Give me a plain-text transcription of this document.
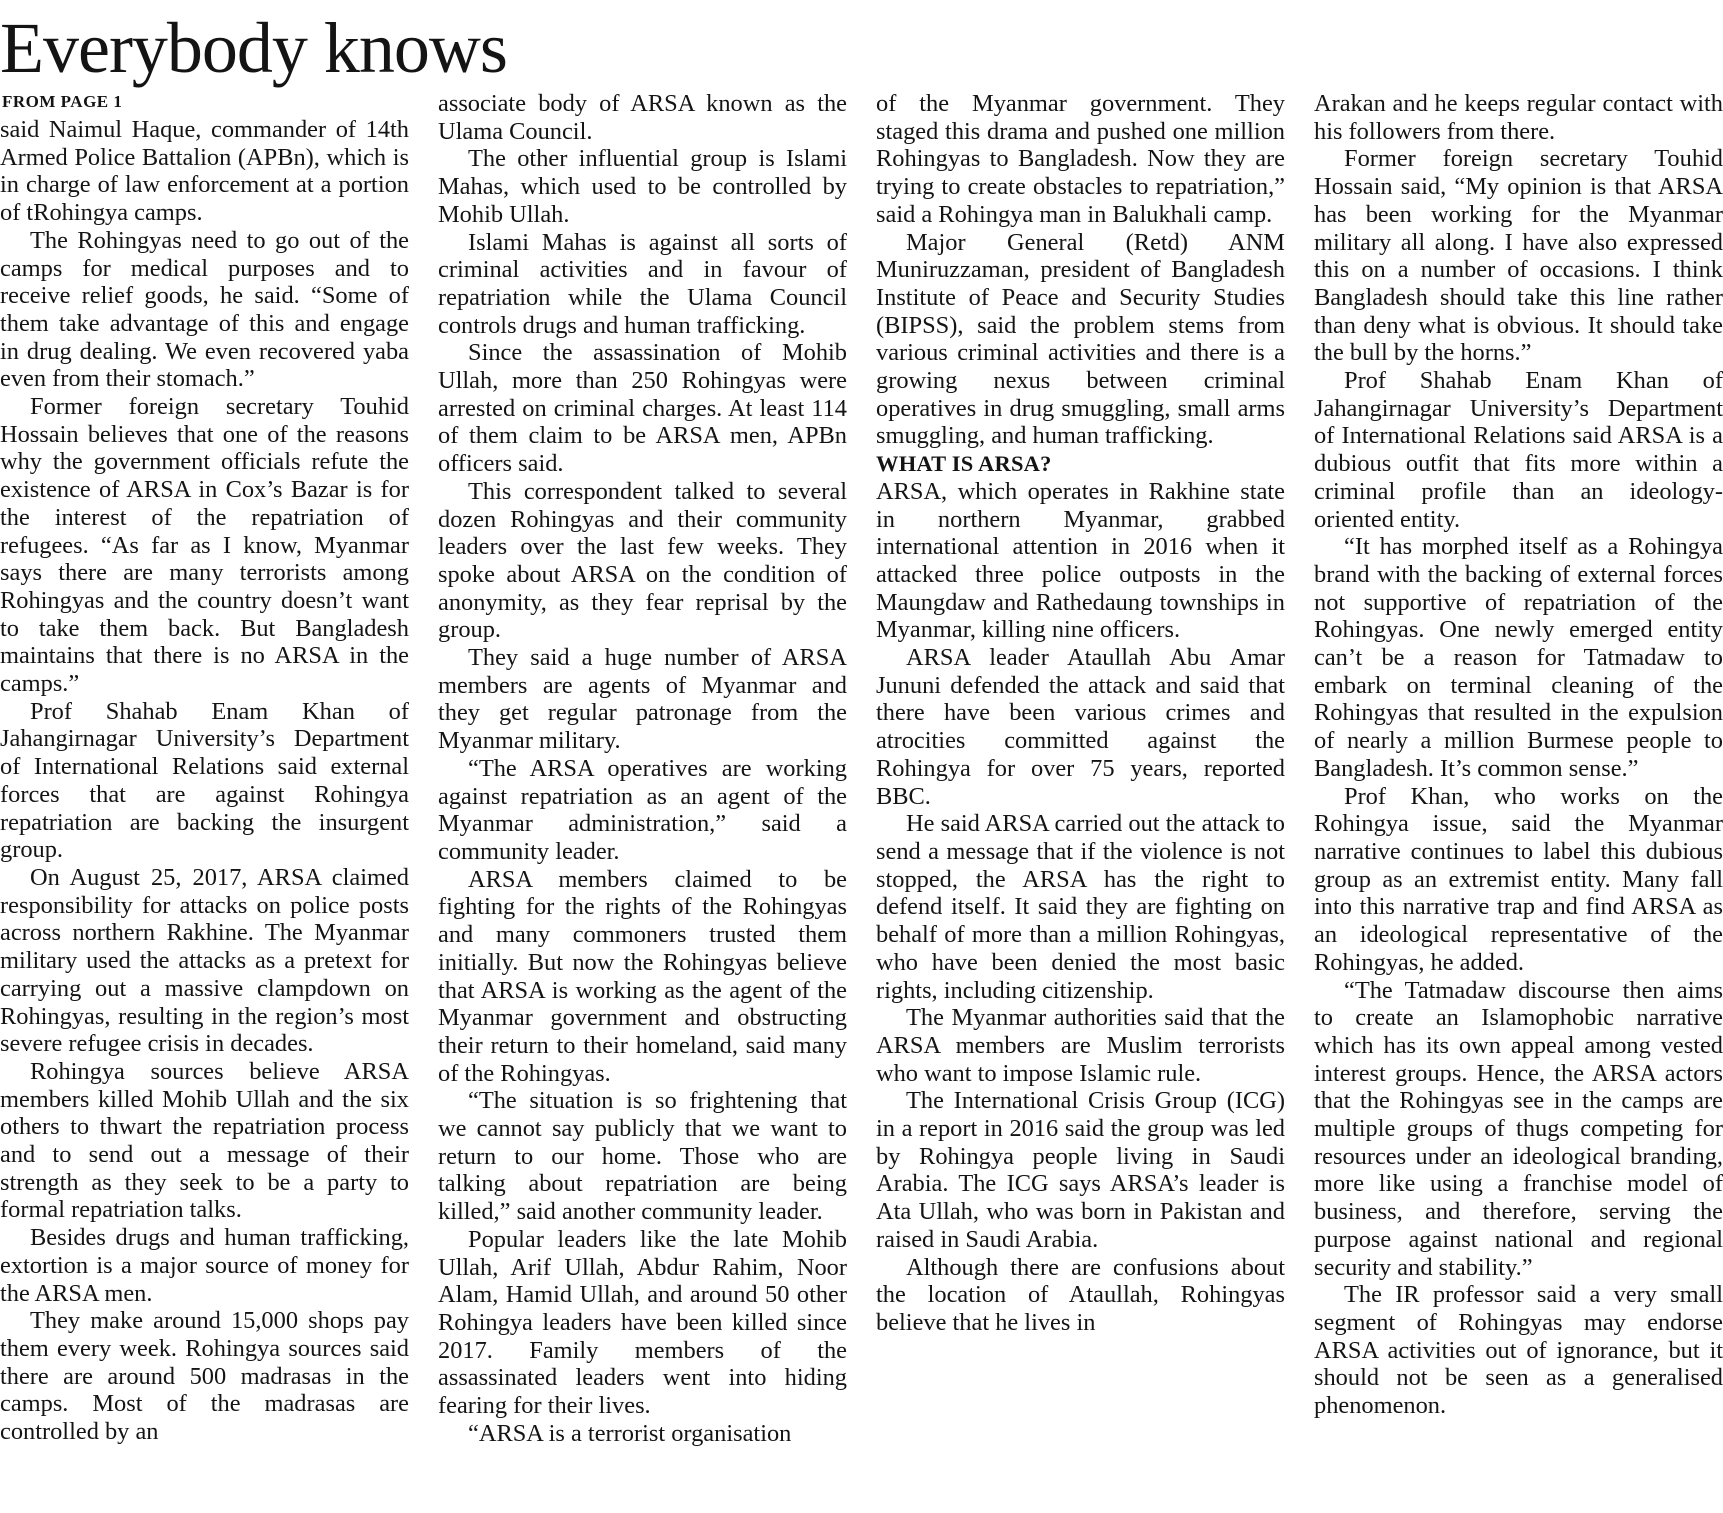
Everybody knows
FROM PAGE 1

said Naimul Haque, commander of 14th Armed Police Battalion (APBn), which is in charge of law enforcement at a portion of tRohingya camps.

The Rohingyas need to go out of the camps for medical purposes and to receive relief goods, he said. “Some of them take advantage of this and engage in drug dealing. We even recovered yaba even from their stomach.”

Former foreign secretary Touhid Hossain believes that one of the reasons why the government officials refute the existence of ARSA in Cox’s Bazar is for the interest of the repatriation of refugees. “As far as I know, Myanmar says there are many terrorists among Rohingyas and the country doesn’t want to take them back. But Bangladesh maintains that there is no ARSA in the camps.”

Prof Shahab Enam Khan of Jahangirnagar University’s Department of International Relations said external forces that are against Rohingya repatriation are backing the insurgent group.

On August 25, 2017, ARSA claimed responsibility for attacks on police posts across northern Rakhine. The Myanmar military used the attacks as a pretext for carrying out a massive clampdown on Rohingyas, resulting in the region’s most severe refugee crisis in decades.

Rohingya sources believe ARSA members killed Mohib Ullah and the six others to thwart the repatriation process and to send out a message of their strength as they seek to be a party to formal repatriation talks.

Besides drugs and human trafficking, extortion is a major source of money for the ARSA men.

They make around 15,000 shops pay them every week. Rohingya sources said there are around 500 madrasas in the camps. Most of the madrasas are controlled by an

associate body of ARSA known as the Ulama Council.

The other influential group is Islami Mahas, which used to be controlled by Mohib Ullah.

Islami Mahas is against all sorts of criminal activities and in favour of repatriation while the Ulama Council controls drugs and human trafficking.

Since the assassination of Mohib Ullah, more than 250 Rohingyas were arrested on criminal charges. At least 114 of them claim to be ARSA men, APBn officers said.

This correspondent talked to several dozen Rohingyas and their community leaders over the last few weeks. They spoke about ARSA on the condition of anonymity, as they fear reprisal by the group.

They said a huge number of ARSA members are agents of Myanmar and they get regular patronage from the Myanmar military.

“The ARSA operatives are working against repatriation as an agent of the Myanmar administration,” said a community leader.

ARSA members claimed to be fighting for the rights of the Rohingyas and many commoners trusted them initially. But now the Rohingyas believe that ARSA is working as the agent of the Myanmar government and obstructing their return to their homeland, said many of the Rohingyas.

“The situation is so frightening that we cannot say publicly that we want to return to our home. Those who are talking about repatriation are being killed,” said another community leader.

Popular leaders like the late Mohib Ullah, Arif Ullah, Abdur Rahim, Noor Alam, Hamid Ullah, and around 50 other Rohingya leaders have been killed since 2017. Family members of the assassinated leaders went into hiding fearing for their lives.

“ARSA is a terrorist organisation

of the Myanmar government. They staged this drama and pushed one million Rohingyas to Bangladesh. Now they are trying to create obstacles to repatriation,” said a Rohingya man in Balukhali camp.

Major General (Retd) ANM Muniruzzaman, president of Bangladesh Institute of Peace and Security Studies (BIPSS), said the problem stems from various criminal activities and there is a growing nexus between criminal operatives in drug smuggling, small arms smuggling, and human trafficking.

WHAT IS ARSA?

ARSA, which operates in Rakhine state in northern Myanmar, grabbed international attention in 2016 when it attacked three police outposts in the Maungdaw and Rathedaung townships in Myanmar, killing nine officers.

ARSA leader Ataullah Abu Amar Jununi defended the attack and said that there have been various crimes and atrocities committed against the Rohingya for over 75 years, reported BBC.

He said ARSA carried out the attack to send a message that if the violence is not stopped, the ARSA has the right to defend itself. It said they are fighting on behalf of more than a million Rohingyas, who have been denied the most basic rights, including citizenship.

The Myanmar authorities said that the ARSA members are Muslim terrorists who want to impose Islamic rule.

The International Crisis Group (ICG) in a report in 2016 said the group was led by Rohingya people living in Saudi Arabia. The ICG says ARSA’s leader is Ata Ullah, who was born in Pakistan and raised in Saudi Arabia.

Although there are confusions about the location of Ataullah, Rohingyas believe that he lives in

Arakan and he keeps regular contact with his followers from there.

Former foreign secretary Touhid Hossain said, “My opinion is that ARSA has been working for the Myanmar military all along. I have also expressed this on a number of occasions. I think Bangladesh should take this line rather than deny what is obvious. It should take the bull by the horns.”

Prof Shahab Enam Khan of Jahangirnagar University’s Department of International Relations said ARSA is a dubious outfit that fits more within a criminal profile than an ideology-oriented entity.

“It has morphed itself as a Rohingya brand with the backing of external forces not supportive of repatriation of the Rohingyas. One newly emerged entity can’t be a reason for Tatmadaw to embark on terminal cleaning of the Rohingyas that resulted in the expulsion of nearly a million Burmese people to Bangladesh. It’s common sense.”

Prof Khan, who works on the Rohingya issue, said the Myanmar narrative continues to label this dubious group as an extremist entity. Many fall into this narrative trap and find ARSA as an ideological representative of the Rohingyas, he added.

“The Tatmadaw discourse then aims to create an Islamophobic narrative which has its own appeal among vested interest groups. Hence, the ARSA actors that the Rohingyas see in the camps are multiple groups of thugs competing for resources under an ideological branding, more like using a franchise model of business, and therefore, serving the purpose against national and regional security and stability.”

The IR professor said a very small segment of Rohingyas may endorse ARSA activities out of ignorance, but it should not be seen as a generalised phenomenon.
